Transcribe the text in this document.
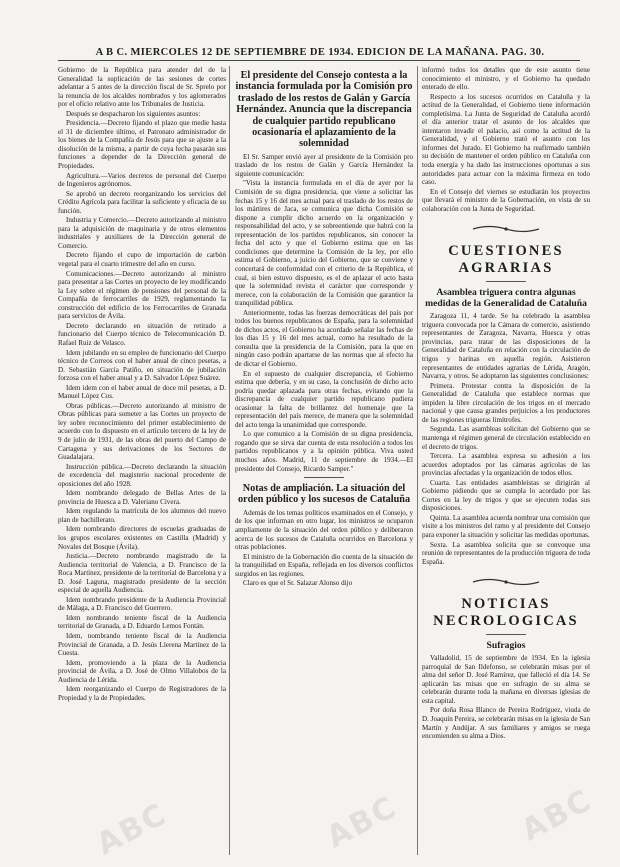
A B C. MIERCOLES 12 DE SEPTIEMBRE DE 1934. EDICION DE LA MAÑANA. PAG. 30.

Gobierno de la República para atender del de la Generalidad la suplicación de las sesiones de cortes adelantar a 5 antes de la dirección fiscal de Sr. Sprelo por la renuncia de los alcaldes nombrados y los aglomerados por el oficio relativo ante los Tribunales de Justicia.

Después se despacharon los siguientes asuntos:

Presidencia.—Decreto fijando el plazo que medie hasta el 31 de diciembre último, el Patronato administrador de los bienes de la Compañía de Jesús para que se ajuste a la disolución de la misma, a partir de cuya fecha pasarán sus funciones a depender de la Dirección general de Propiedades.

Agricultura.—Varios decretos de personal del Cuerpo de Ingenieros agrónomos.

Se aprobó un decreto reorganizando los servicios del Crédito Agrícola para facilitar la suficiente y eficacia de su función.

Industria y Comercio.—Decreto autorizando al ministro para la adquisición de maquinaria y de otros elementos industriales y auxiliares de la Dirección general de Comercio.

Decreto fijando el cupo de importación de carbón vegetal para el cuarto trimestre del año en curso.

Comunicaciones.—Decreto autorizando al ministro para presentar a las Cortes un proyecto de ley modificando la Ley sobre el régimen de pensiones del personal de la Compañía de ferrocarriles de 1929, reglamentando la construcción del edificio de los Ferrocarriles de Granada para servicios de Ávila.

Decreto declarando en situación de retirado a funcionario del Cuerpo técnico de Telecomunicación D. Rafael Ruiz de Velasco.

Idem jubilando en su empleo de funcionario del Cuerpo técnico de Correos con el haber anual de cinco pesetas, a D. Sebastián García Patiño, en situación de jubilación forzosa con el haber anual y a D. Salvador López Suárez.

Idem idem con el haber anual de doce mil pesetas, a D. Manuel López Cos.

Obras públicas.—Decreto autorizando al ministro de Obras públicas para someter a las Cortes un proyecto de ley sobre reconocimiento del primer establecimiento de acuerdo con lo dispuesto en el artículo tercero de la ley de 9 de julio de 1931, de las obras del puerto del Campo de Cartagena y sus derivaciones de los Sectores de Guadalajara.

Instrucción pública.—Decreto declarando la situación de excedencia del magisterio nacional procedente de oposiciones del año 1928.

Idem nombrando delegado de Bellas Artes de la provincia de Huesca a D. Valeriano Civera.

Idem regulando la matrícula de los alumnos del nuevo plan de bachillerato.

Idem nombrando directores de escuelas graduadas de los grupos escolares existentes en Castilla (Madrid) y Novales del Bosque (Ávila).

Justicia.—Decreto nombrando magistrado de la Audiencia territorial de Valencia, a D. Francisco de la Roca Martínez, presidente de la territorial de Barcelona y a D. José Laguna, magistrado presidente de la sección especial de aquella Audiencia.

Idem nombrando presidente de la Audiencia Provincial de Málaga, a D. Francisco del Guerrero.

Idem nombrando teniente fiscal de la Audiencia territorial de Granada, a D. Eduardo Lemos Fontán.

Idem, nombrando teniente fiscal de la Audiencia Provincial de Granada, a D. Jesús Llerena Martínez de la Cuesta.

Idem, promoviendo a la plaza de la Audiencia provincial de Ávila, a D. José de Olmo Villalobos de la Audiencia de Lérida.

Idem reorganizando el Cuerpo de Registradores de la Propiedad y la de Propiedades.

El presidente del Consejo contesta a la instancia formulada por la Comisión pro traslado de los restos de Galán y García Hernández. Anuncia que la discrepancia de cualquier partido republicano ocasionaría el aplazamiento de la solemnidad

El Sr. Samper envió ayer al presidente de la Comisión pro traslado de los restos de Galán y García Hernández la siguiente comunicación:

"Vista la instancia formulada en el día de ayer por la Comisión de su digna presidencia, que viene a solicitar las fechas 15 y 16 del mes actual para el traslado de los restos de los mártires de Jaca, se comunica que dicha Comisión se dispone a cumplir dicho acuerdo en la organización y responsabilidad del acto, y se sobreentiende que habrá con la representación de los partidos republicanos, sin conocer la fecha del acto y que el Gobierno estima que en las condiciones que determine la Comisión de la ley, por ello estima el Gobierno, a juicio del Gobierno, que se conviene y concertará de conformidad con el criterio de la República, el cual, si bien estuvo dispuesto, es el de aplazar el acto hasta que la solemnidad revista el carácter que corresponde y merece, con la colaboración de la Comisión que garantice la tranquilidad pública.

Anteriormente, todas las fuerzas democráticas del país por todos los buenos republicanos de España, para la solemnidad de dichos actos, el Gobierno ha acordado señalar las fechas de los días 15 y 16 del mes actual, como ha resultado de la consulta que la presidencia de la Comisión, para la que en ningún caso podrán apartarse de las normas que al efecto ha de dictar el Gobierno.

En el supuesto de cualquier discrepancia, el Gobierno estima que debería, y en su caso, la conclusión de dicho acto podría quedar aplazada para otras fechas, evitando que la discrepancia de cualquier partido republicano pudiera ocasionar la falta de brillantez del homenaje que la representación del país merece, de manera que la solemnidad del acto tenga la unanimidad que corresponde.

Lo que comunico a la Comisión de su digna presidencia, rogando que se sirva dar cuenta de esta resolución a todos los partidos republicanos y a la opinión pública. Viva usted muchos años. Madrid, 11 de septiembre de 1934.—El presidente del Consejo, Ricardo Samper."

Notas de ampliación. La situación del orden público y los sucesos de Cataluña

Además de los temas políticos examinados en el Consejo, y de los que informan en otro lugar, los ministros se ocuparon ampliamente de la situación del orden público y deliberaron acerca de los sucesos de Cataluña ocurridos en Barcelona y otras poblaciones.

El ministro de la Gobernación dio cuenta de la situación de la tranquilidad en España, reflejada en los diversos conflictos surgidos en las regiones.

Claro es que el Sr. Salazar Alonso dijo

informó todos los detalles que de este asunto tiene conocimiento el ministro, y el Gobierno ha quedado enterado de ello.

Respecto a los sucesos ocurridos en Cataluña y la actitud de la Generalidad, el Gobierno tiene información completísima. La Junta de Seguridad de Cataluña acordó el día anterior tratar el asunto de los alcaldes que intentaron invadir el palacio, así como la actitud de la Generalidad, y el Gobierno trató el asunto con los informes del Jurado. El Gobierno ha reafirmado también su decisión de mantener el orden público en Cataluña con toda energía y ha dado las instrucciones oportunas a sus autoridades para actuar con la máxima firmeza en todo caso.

En el Consejo del viernes se estudiarán los proyectos que llevará el ministro de la Gobernación, en vista de su colaboración con la Junta de Seguridad.

CUESTIONES AGRARIAS
Asamblea triguera contra algunas medidas de la Generalidad de Cataluña

Zaragoza 11, 4 tarde. Se ha celebrado la asamblea triguera convocada por la Cámara de comercio, asistiendo representantes de Zaragoza, Navarra, Huesca y otras provincias, para tratar de las disposiciones de la Generalidad de Cataluña en relación con la circulación de trigos y harinas en aquella región. Asistieron representantes de entidades agrarias de Lérida, Aragón, Navarra, y otros. Se adoptaron las siguientes conclusiones:

Primera. Protestar contra la disposición de la Generalidad de Cataluña que establece normas que impiden la libre circulación de los trigos en el mercado nacional y que causa grandes perjuicios a los productores de las regiones trigueras limítrofes.

Segunda. Las asambleas solicitan del Gobierno que se mantenga el régimen general de circulación establecido en el decreto de trigos.

Tercera. La asamblea expresa su adhesión a los acuerdos adoptados por las cámaras agrícolas de las provincias afectadas y la organización de todos ellos.

Cuarta. Las entidades asambleístas se dirigirán al Gobierno pidiendo que se cumpla lo acordado por las Cortes en la ley de trigos y que se ejecuten todas sus disposiciones.

Quinta. La asamblea acuerda nombrar una comisión que visite a los ministros del ramo y al presidente del Consejo para exponer la situación y solicitar las medidas oportunas.

Sexta. La asamblea solicita que se convoque una reunión de representantes de la producción triguera de toda España.

NOTICIAS NECROLOGICAS
Sufragios

Valladolid, 15 de septiembre de 1934. En la iglesia parroquial de San Ildefonso, se celebrarán misas por el alma del señor D. José Ramírez, que falleció el día 14. Se aplicarán las misas que en sufragio de su alma se celebrarán durante toda la mañana en diversas iglesias de esta capital.

Por doña Rosa Blanco de Pereira Rodríguez, viuda de D. Joaquín Pereira, se celebrarán misas en la iglesia de San Martín y Andújar. A sus familiares y amigos se ruega encomienden su alma a Dios.

ABC	ABC	ABC
